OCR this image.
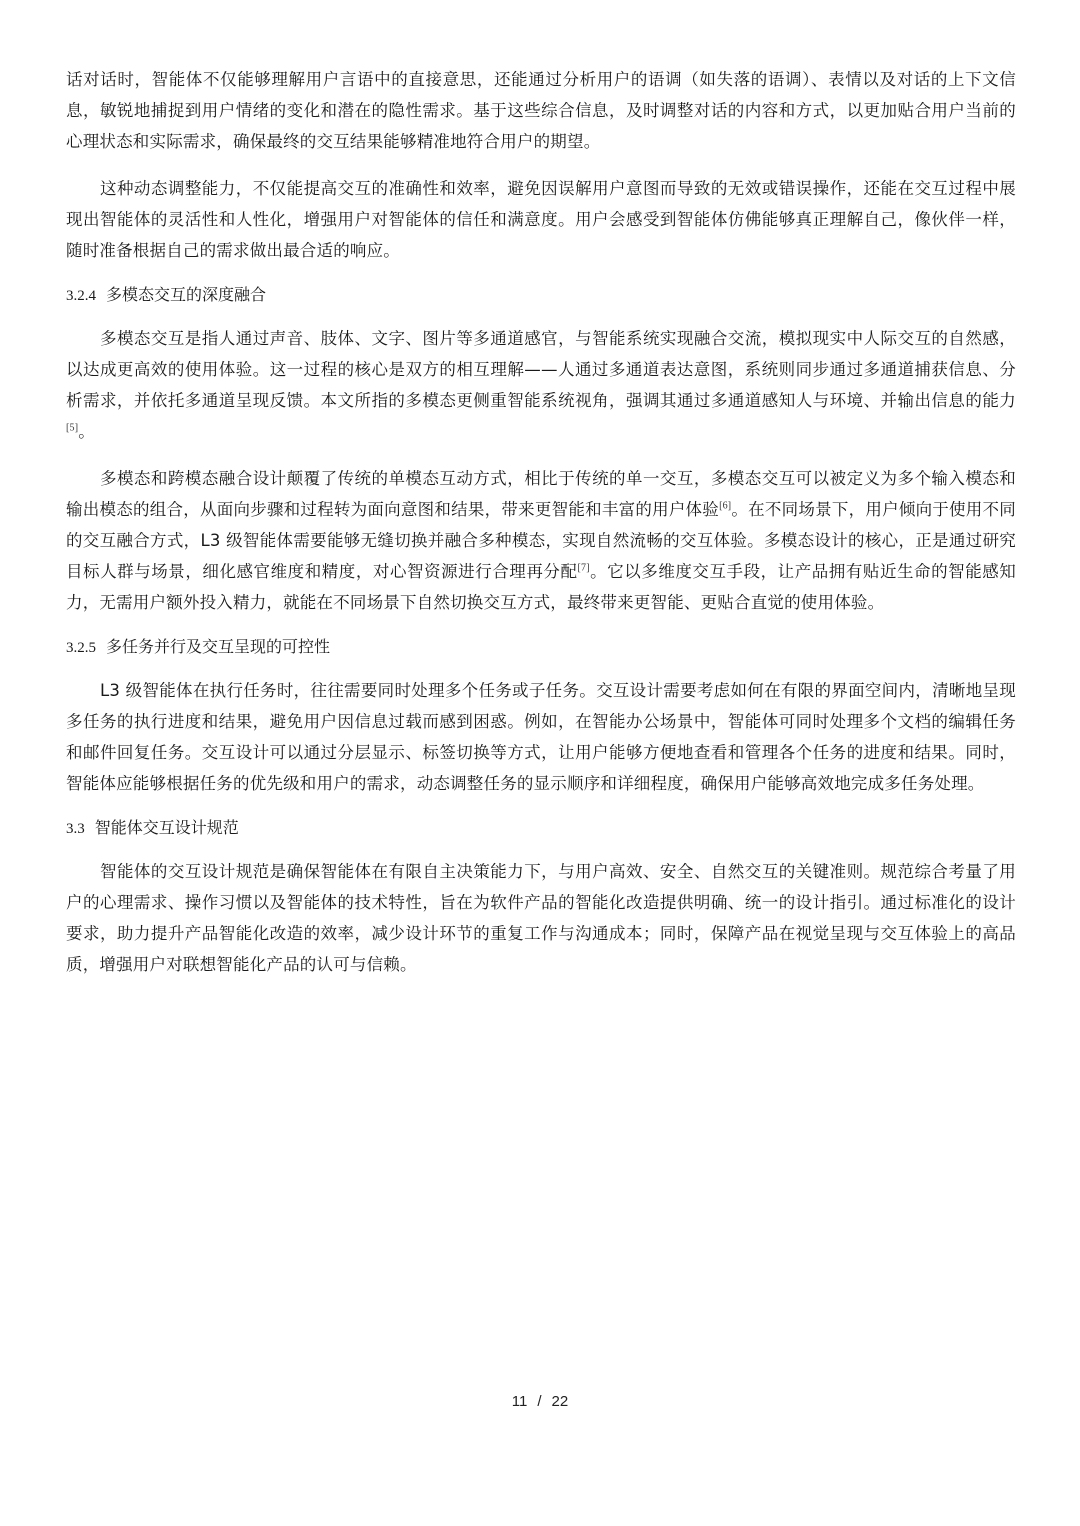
话对话时，智能体不仅能够理解用户言语中的直接意思，还能通过分析用户的语调（如失落的语调）、表情以及对话的上下文信息，敏锐地捕捉到用户情绪的变化和潜在的隐性需求。基于这些综合信息，及时调整对话的内容和方式，以更加贴合用户当前的心理状态和实际需求，确保最终的交互结果能够精准地符合用户的期望。

这种动态调整能力，不仅能提高交互的准确性和效率，避免因误解用户意图而导致的无效或错误操作，还能在交互过程中展现出智能体的灵活性和人性化，增强用户对智能体的信任和满意度。用户会感受到智能体仿佛能够真正理解自己，像伙伴一样，随时准备根据自己的需求做出最合适的响应。

3.2.4 多模态交互的深度融合

多模态交互是指人通过声音、肢体、文字、图片等多通道感官，与智能系统实现融合交流，模拟现实中人际交互的自然感，以达成更高效的使用体验。这一过程的核心是双方的相互理解——人通过多通道表达意图，系统则同步通过多通道捕获信息、分析需求，并依托多通道呈现反馈。本文所指的多模态更侧重智能系统视角，强调其通过多通道感知人与环境、并输出信息的能力[5]。

多模态和跨模态融合设计颠覆了传统的单模态互动方式，相比于传统的单一交互，多模态交互可以被定义为多个输入模态和输出模态的组合，从面向步骤和过程转为面向意图和结果，带来更智能和丰富的用户体验[6]。在不同场景下，用户倾向于使用不同的交互融合方式，L3 级智能体需要能够无缝切换并融合多种模态，实现自然流畅的交互体验。多模态设计的核心，正是通过研究目标人群与场景，细化感官维度和精度，对心智资源进行合理再分配[7]。它以多维度交互手段，让产品拥有贴近生命的智能感知力，无需用户额外投入精力，就能在不同场景下自然切换交互方式，最终带来更智能、更贴合直觉的使用体验。

3.2.5 多任务并行及交互呈现的可控性

L3 级智能体在执行任务时，往往需要同时处理多个任务或子任务。交互设计需要考虑如何在有限的界面空间内，清晰地呈现多任务的执行进度和结果，避免用户因信息过载而感到困惑。例如，在智能办公场景中，智能体可同时处理多个文档的编辑任务和邮件回复任务。交互设计可以通过分层显示、标签切换等方式，让用户能够方便地查看和管理各个任务的进度和结果。同时，智能体应能够根据任务的优先级和用户的需求，动态调整任务的显示顺序和详细程度，确保用户能够高效地完成多任务处理。

3.3 智能体交互设计规范

智能体的交互设计规范是确保智能体在有限自主决策能力下，与用户高效、安全、自然交互的关键准则。规范综合考量了用户的心理需求、操作习惯以及智能体的技术特性，旨在为软件产品的智能化改造提供明确、统一的设计指引。通过标准化的设计要求，助力提升产品智能化改造的效率，减少设计环节的重复工作与沟通成本；同时，保障产品在视觉呈现与交互体验上的高品质，增强用户对联想智能化产品的认可与信赖。

11 / 22
